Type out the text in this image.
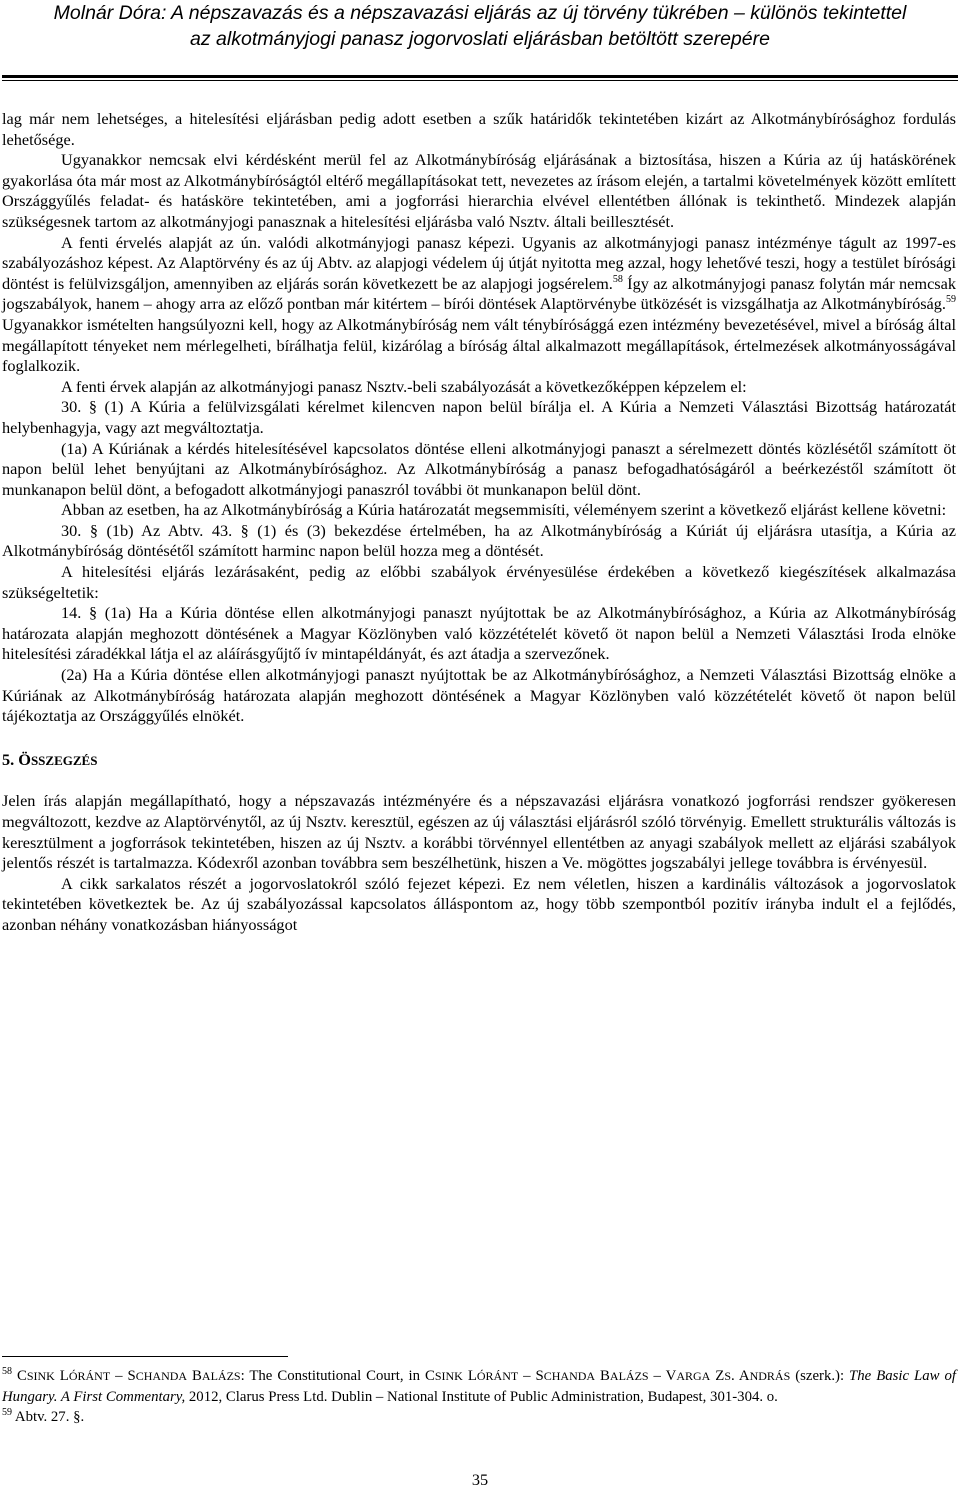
Molnár Dóra: A népszavazás és a népszavazási eljárás az új törvény tükrében – különös tekintettel
az alkotmányjogi panasz jogorvoslati eljárásban betöltött szerepére

lag már nem lehetséges, a hitelesítési eljárásban pedig adott esetben a szűk határidők tekintetében kizárt az Alkotmánybírósághoz fordulás lehetősége.

Ugyanakkor nemcsak elvi kérdésként merül fel az Alkotmánybíróság eljárásának a biztosítása, hiszen a Kúria az új hatáskörének gyakorlása óta már most az Alkotmánybíróságtól eltérő megállapításokat tett, nevezetes az írásom elején, a tartalmi követelmények között említett Országgyűlés feladat- és hatásköre tekintetében, ami a jogforrási hierarchia elvével ellentétben állónak is tekinthető. Mindezek alapján szükségesnek tartom az alkotmányjogi panasznak a hitelesítési eljárásba való Nsztv. általi beillesztését.

A fenti érvelés alapját az ún. valódi alkotmányjogi panasz képezi. Ugyanis az alkotmányjogi panasz intézménye tágult az 1997-es szabályozáshoz képest. Az Alaptörvény és az új Abtv. az alapjogi védelem új útját nyitotta meg azzal, hogy lehetővé teszi, hogy a testület bírósági döntést is felülvizsgáljon, amennyiben az eljárás során következett be az alapjogi jogsérelem.$^{58}$ Így az alkotmányjogi panasz folytán már nemcsak jogszabályok, hanem – ahogy arra az előző pontban már kitértem – bírói döntések Alaptörvénybe ütközését is vizsgálhatja az Alkotmánybíróság.$^{59}$ Ugyanakkor ismételten hangsúlyozni kell, hogy az Alkotmánybíróság nem vált ténybírósággá ezen intézmény bevezetésével, mivel a bíróság által megállapított tényeket nem mérlegelheti, bírálhatja felül, kizárólag a bíróság által alkalmazott megállapítások, értelmezések alkotmányosságával foglalkozik.

A fenti érvek alapján az alkotmányjogi panasz Nsztv.-beli szabályozását a következőképpen képzelem el:

30. § (1) A Kúria a felülvizsgálati kérelmet kilencven napon belül bírálja el. A Kúria a Nemzeti Választási Bizottság határozatát helybenhagyja, vagy azt megváltoztatja.

(1a) A Kúriának a kérdés hitelesítésével kapcsolatos döntése elleni alkotmányjogi panaszt a sérelmezett döntés közlésétől számított öt napon belül lehet benyújtani az Alkotmánybírósághoz. Az Alkotmánybíróság a panasz befogadhatóságáról a beérkezéstől számított öt munkanapon belül dönt, a befogadott alkotmányjogi panaszról további öt munkanapon belül dönt.

Abban az esetben, ha az Alkotmánybíróság a Kúria határozatát megsemmisíti, véleményem szerint a következő eljárást kellene követni:

30. § (1b) Az Abtv. 43. § (1) és (3) bekezdése értelmében, ha az Alkotmánybíróság a Kúriát új eljárásra utasítja, a Kúria az Alkotmánybíróság döntésétől számított harminc napon belül hozza meg a döntését.

A hitelesítési eljárás lezárásaként, pedig az előbbi szabályok érvényesülése érdekében a következő kiegészítések alkalmazása szükségeltetik:

14. § (1a) Ha a Kúria döntése ellen alkotmányjogi panaszt nyújtottak be az Alkotmánybírósághoz, a Kúria az Alkotmánybíróság határozata alapján meghozott döntésének a Magyar Közlönyben való közzétételét követő öt napon belül a Nemzeti Választási Iroda elnöke hitelesítési záradékkal látja el az aláírásgyűjtő ív mintapéldányát, és azt átadja a szervezőnek.

(2a) Ha a Kúria döntése ellen alkotmányjogi panaszt nyújtottak be az Alkotmánybírósághoz, a Nemzeti Választási Bizottság elnöke a Kúriának az Alkotmánybíróság határozata alapján meghozott döntésének a Magyar Közlönyben való közzétételét követő öt napon belül tájékoztatja az Országgyűlés elnökét.

5. ÖSSZEGZÉS

Jelen írás alapján megállapítható, hogy a népszavazás intézményére és a népszavazási eljárásra vonatkozó jogforrási rendszer gyökeresen megváltozott, kezdve az Alaptörvénytől, az új Nsztv. keresztül, egészen az új választási eljárásról szóló törvényig. Emellett strukturális változás is keresztülment a jogforrások tekintetében, hiszen az új Nsztv. a korábbi törvénnyel ellentétben az anyagi szabályok mellett az eljárási szabályok jelentős részét is tartalmazza. Kódexről azonban továbbra sem beszélhetünk, hiszen a Ve. mögöttes jogszabályi jellege továbbra is érvényesül.

A cikk sarkalatos részét a jogorvoslatokról szóló fejezet képezi. Ez nem véletlen, hiszen a kardinális változások a jogorvoslatok tekintetében következtek be. Az új szabályozással kapcsolatos álláspontom az, hogy több szempontból pozitív irányba indult el a fejlődés, azonban néhány vonatkozásban hiányosságot

$^{58}$ CSINK LÓRÁNT – SCHANDA BALÁZS: The Constitutional Court, in CSINK LÓRÁNT – SCHANDA BALÁZS – VARGA ZS. ANDRÁS (szerk.): The Basic Law of Hungary. A First Commentary, 2012, Clarus Press Ltd. Dublin – National Institute of Public Administration, Budapest, 301-304. o.

$^{59}$ Abtv. 27. §.

35
